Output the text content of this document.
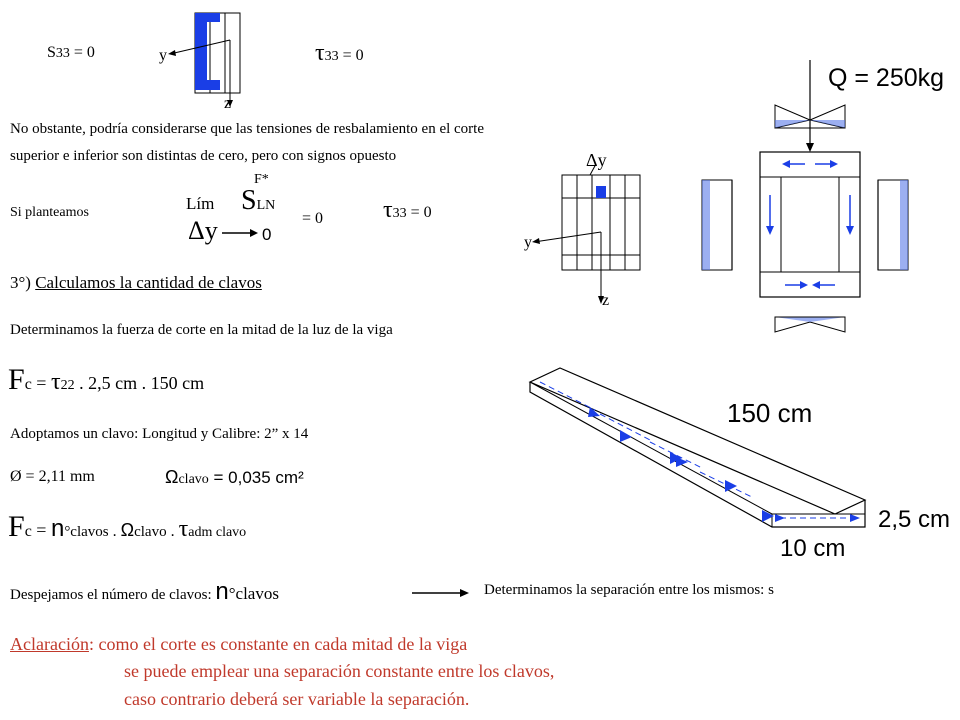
S33 = 0	y
z
τ33 = 0
No obstante, podría considerarse que las tensiones de resbalamiento en el corte
superior e inferior son distintas de cero, pero con signos opuesto
Si planteamos
F*
Lím SLN
Δy	0
= 0 τ33 = 0
Δy
y
z
Q = 250kg
3°) Calculamos la cantidad de clavos
Determinamos la fuerza de corte en la mitad de la luz de la viga
Fc = τ22 . 2,5 cm . 150 cm
Adoptamos un clavo: Longitud y Calibre: 2” x 14
Ø = 2,11 mm	Ωclavo = 0,035 cm²
Fc = n°clavos . Ωclavo . τadm clavo
150 cm
2,5 cm
10 cm
Despejamos el número de clavos: n°clavos	Determinamos la separación entre los mismos: s
Aclaración: como el corte es constante en cada mitad de la viga
se puede emplear una separación constante entre los clavos,
caso contrario deberá ser variable la separación.
